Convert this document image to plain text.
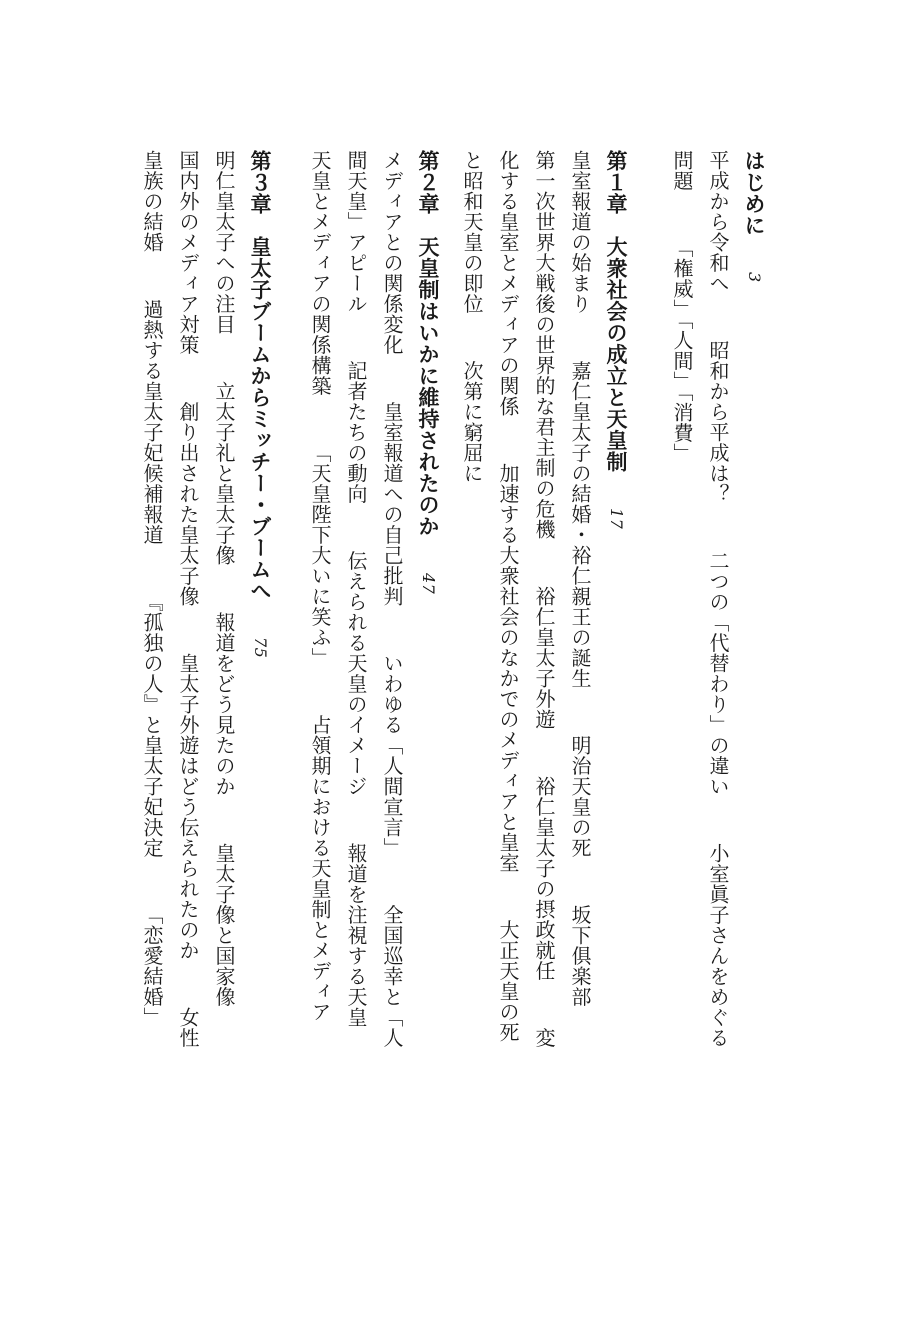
はじめに 3
平成から令和へ 昭和から平成は？ 二つの「代替わり」の違い 小室眞子さんをめぐる
問題 「権威」「人間」「消費」
第１章　大衆社会の成立と天皇制 17
皇室報道の始まり 嘉仁皇太子の結婚・裕仁親王の誕生 明治天皇の死 坂下俱楽部
第一次世界大戦後の世界的な君主制の危機 裕仁皇太子外遊 裕仁皇太子の摂政就任 変
化する皇室とメディアの関係 加速する大衆社会のなかでのメディアと皇室 大正天皇の死
と昭和天皇の即位 次第に窮屈に
第２章　天皇制はいかに維持されたのか 47
メディアとの関係変化 皇室報道への自己批判 いわゆる「人間宣言」 全国巡幸と「人
間天皇」アピール 記者たちの動向 伝えられる天皇のイメージ 報道を注視する天皇
天皇とメディアの関係構築 「天皇陛下大いに笑ふ」 占領期における天皇制とメディア
第３章　皇太子ブームからミッチー・ブームへ 75
明仁皇太子への注目 立太子礼と皇太子像 報道をどう見たのか 皇太子像と国家像
国内外のメディア対策 創り出された皇太子像 皇太子外遊はどう伝えられたのか 女性
皇族の結婚 過熱する皇太子妃候補報道 『孤独の人』と皇太子妃決定 「恋愛結婚」
